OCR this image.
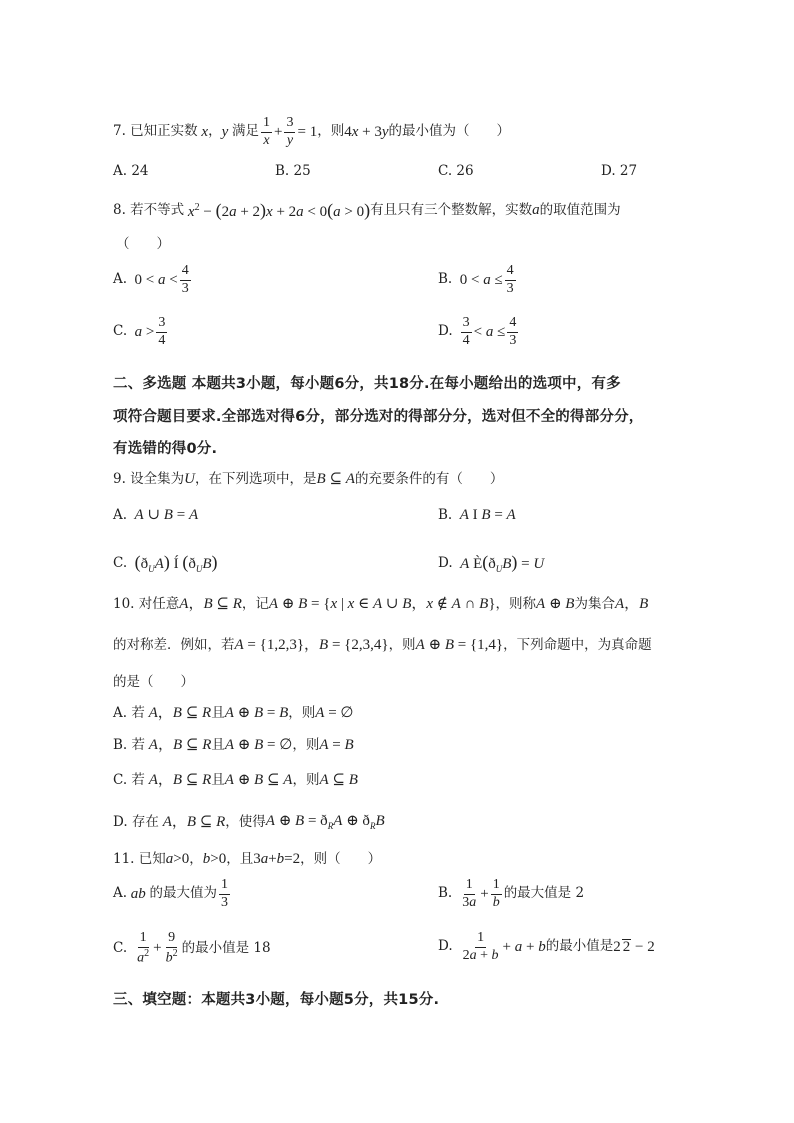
7. 已知正实数 x ， y 满足 $\frac{1}{x} + \frac{3}{y} = 1$ ，则 4x + 3y 的最小值为（　　）
A. 24	B. 25	C. 26	D. 27
8. 若不等式 $x^2 - (2a + 2)x + 2a < 0(a > 0)$ 有且只有三个整数解，实数 a 的取值范围为
（　　）
A. $0 < a < \frac{4}{3}$	B. $0 < a \le \frac{4}{3}$
C. $a > \frac{3}{4}$	D. $\frac{3}{4} < a \le \frac{4}{3}$
二、多选题 本题共3小题，每小题6分，共18分.在每小题给出的选项中，有多
项符合题目要求.全部选对得6分，部分选对的得部分分，选对但不全的得部分分，
有选错的得0分.
9. 设全集为 U ，在下列选项中，是 B ⊆ A 的充要条件的有（　　）
A. A ∪ B = A	B. A I B = A
C. $(ð_UA)$ Í $(ð_UB)$	D. A $È(ð_UB) = U$
10. 对任意 A，B ⊆ R ，记 A ⊕ B = {x | x ∈ A ∪ B，x ∉ A ∩ B} ，则称 A ⊕ B 为集合 A，B
的对称差．例如，若 A = {1,2,3}，B = {2,3,4} ，则 A ⊕ B = {1,4} ，下列命题中，为真命题
的是（　　）
A. 若 A，B ⊆ R 且 A ⊕ B = B ，则 A = ∅
B. 若 A，B ⊆ R 且 A ⊕ B = ∅ ，则 A = B
C. 若 A，B ⊆ R 且 A ⊕ B ⊆ A ，则 A ⊆ B
D. 存在 A，B ⊆ R ，使得 A ⊕ $B = ð_RA$ ⊕ $ð_RB$
11. 已知 a>0 ， b>0 ，且 3a+b=2 ，则（　　）
A. ab 的最大值为 $\frac{1}{3}$	B. $\frac{1}{3a} + \frac{1}{b}$ 的最大值是 2
C. $\frac{1}{a^2} + \frac{9}{b^2}$ 的最小值是 18	D. $\frac{1}{2a + b} + a + b$ 的最小值是 2 2 − 2
三、填空题：本题共3小题，每小题5分，共15分.
